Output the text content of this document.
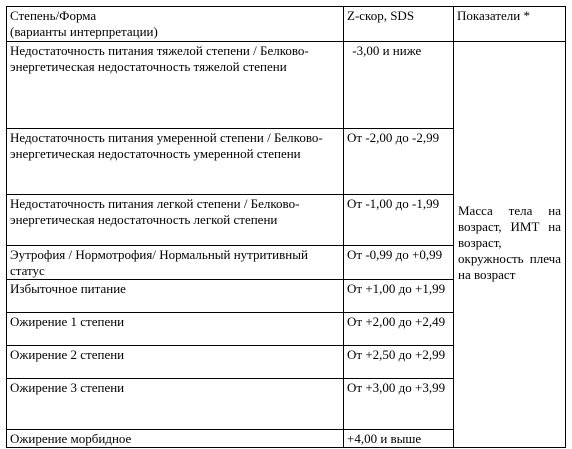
Степень/Форма
(варианты интерпретации)	Z-скор, SDS	Показатели *
Недостаточность питания тяжелой степени / Белково-энергетическая недостаточность тяжелой степени	-3,00 и ниже	Масса тела на возраст, ИМТ на возраст, окружность плеча на возраст

Недостаточность питания умеренной степени / Белково-энергетическая недостаточность умеренной степени	От -2,00 до -2,99	
Недостаточность питания легкой степени / Белково-энергетическая недостаточность легкой степени	От -1,00 до -1,99	
Эутрофия / Нормотрофия/ Нормальный нутритивный статус	От -0,99 до +0,99	
Избыточное питание	От +1,00 до +1,99	
Ожирение 1 степени	От +2,00 до +2,49	
Ожирение 2 степени	От +2,50 до +2,99	
Ожирение 3 степени	От +3,00 до +3,99	
Ожирение морбидное	+4,00 и выше	
